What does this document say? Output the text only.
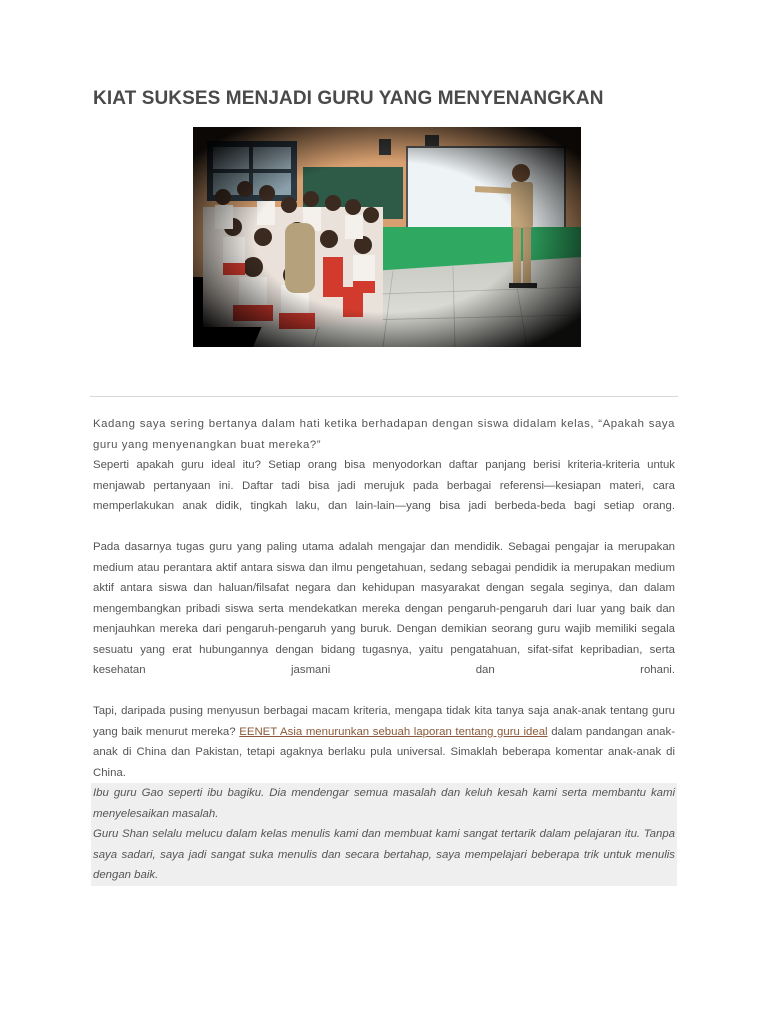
KIAT SUKSES MENJADI GURU YANG MENYENANGKAN

Kadang saya sering bertanya dalam hati ketika berhadapan dengan siswa didalam kelas, “Apakah saya guru yang menyenangkan buat mereka?”

Seperti apakah guru ideal itu? Setiap orang bisa menyodorkan daftar panjang berisi kriteria-kriteria untuk menjawab pertanyaan ini. Daftar tadi bisa jadi merujuk pada berbagai referensi—kesiapan materi, cara memperlakukan anak didik, tingkah laku, dan lain-lain—yang bisa jadi berbeda-beda bagi setiap orang.

Pada dasarnya tugas guru yang paling utama adalah mengajar dan mendidik. Sebagai pengajar ia merupakan medium atau perantara aktif antara siswa dan ilmu pengetahuan, sedang sebagai pendidik ia merupakan medium aktif antara siswa dan haluan/filsafat negara dan kehidupan masyarakat dengan segala seginya, dan dalam mengembangkan pribadi siswa serta mendekatkan mereka dengan pengaruh-pengaruh dari luar yang baik dan menjauhkan mereka dari pengaruh-pengaruh yang buruk. Dengan demikian seorang guru wajib memiliki segala sesuatu yang erat hubungannya dengan bidang tugasnya, yaitu pengatahuan, sifat-sifat kepribadian, serta kesehatan jasmani dan rohani.

Tapi, daripada pusing menyusun berbagai macam kriteria, mengapa tidak kita tanya saja anak-anak tentang guru yang baik menurut mereka? EENET Asia menurunkan sebuah laporan tentang guru ideal dalam pandangan anak-anak di China dan Pakistan, tetapi agaknya berlaku pula universal. Simaklah beberapa komentar anak-anak di China.

Ibu guru Gao seperti ibu bagiku. Dia mendengar semua masalah dan keluh kesah kami serta membantu kami menyelesaikan masalah.

Guru Shan selalu melucu dalam kelas menulis kami dan membuat kami sangat tertarik dalam pelajaran itu. Tanpa saya sadari, saya jadi sangat suka menulis dan secara bertahap, saya mempelajari beberapa trik untuk menulis dengan baik.
